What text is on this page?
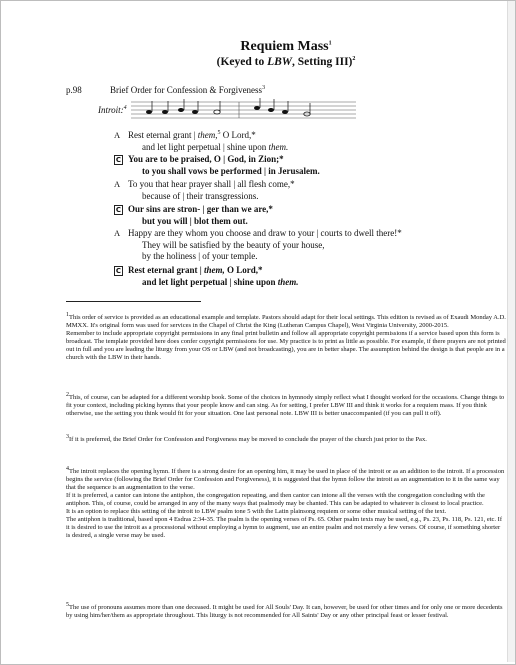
Requiem Mass$^1$
(Keyed to LBW, Setting III)$^2$
p.98	Brief Order for Confession & Forgiveness$^3$
Introit:$^4$
A Rest eternal grant | them,$^5$ O Lord,*
and let light perpetual | shine upon them.
C You are to be praised, O | God, in Zion;*
to you shall vows be performed | in Jerusalem.
A To you that hear prayer shall | all flesh come,*
because of | their transgressions.
C Our sins are stron- | ger than we are,*
but you will | blot them out.
A Happy are they whom you choose and draw to your | courts to dwell there!*
They will be satisfied by the beauty of your house,
by the holiness | of your temple.
C Rest eternal grant | them, O Lord,*
and let light perpetual | shine upon them.
$^1$This order of service is provided as an educational example and template. Pastors should adapt for their local settings. This edition is revised as of Exaudi Monday A.D. MMXX. It's original form was used for services in the Chapel of Christ the King (Lutheran Campus Chapel), West Virginia University, 2000-2015.
Remember to include appropriate copyright permissions in any final print bulletin and follow all appropriate copyright permissions if a service based upon this form is broadcast. The template provided here does confer copyright permissions for use. My practice is to print as little as possible. For example, if there prayers are not printed out in full and you are leading the liturgy from your OS or LBW (and not broadcasting), you are in better shape. The assumption behind the design is that people are in a church with the LBW in their hands.
$^2$This, of course, can be adapted for a different worship book. Some of the choices in hymnody simply reflect what I thought worked for the occasions. Change things to fit your context, including picking hymns that your people know and can sing. As for setting, I prefer LBW III and think it works for a requiem mass. If you think otherwise, use the setting you think would fit for your situation. One last personal note. LBW III is better unaccompanied (if you can pull it off).
$^3$If it is preferred, the Brief Order for Confession and Forgiveness may be moved to conclude the prayer of the church just prior to the Pax.
$^4$The introit replaces the opening hymn. If there is a strong desire for an opening him, it may be used in place of the introit or as an addition to the introit. If a procession begins the service (following the Brief Order for Confession and Forgiveness), it is suggested that the hymn follow the introit as an augmentation to it in the same way that the sequence is an augmentation to the verse.
If it is preferred, a cantor can intone the antiphon, the congregation repeating, and then cantor can intone all the verses with the congregation concluding with the antiphon. This, of course, could be arranged in any of the many ways that psalmody may be chanted. This can be adapted to whatever is closest to local practice.
It is an option to replace this setting of the introit to LBW psalm tone 5 with the Latin plainsong requiem or some other musical setting of the text.
The antiphon is traditional, based upon 4 Esdras 2:34-35. The psalm is the opening verses of Ps. 65. Other psalm texts may be used, e.g., Ps. 23, Ps. 118, Ps. 121, etc. If it is desired to use the introit as a processional without employing a hymn to augment, use an entire psalm and not merely a few verses. Of course, if something shorter is desired, a single verse may be used.
$^5$The use of pronouns assumes more than one deceased. It might be used for All Souls' Day. It can, however, be used for other times and for only one or more decedents by using him/her/them as appropriate throughout. This liturgy is not recommended for All Saints' Day or any other principal feast or lesser festival.
